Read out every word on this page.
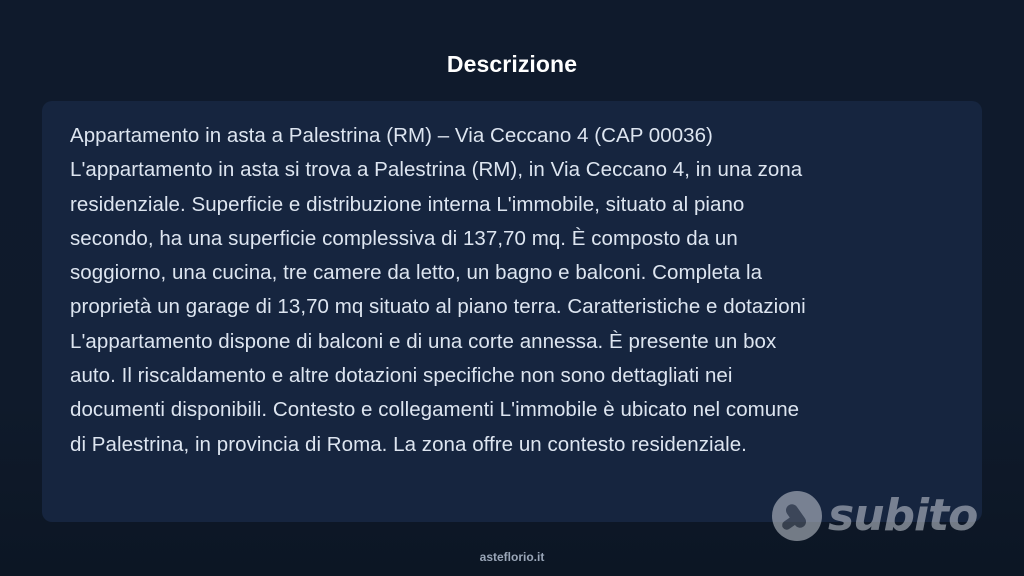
Descrizione

Appartamento in asta a Palestrina (RM) – Via Ceccano 4 (CAP 00036)
L'appartamento in asta si trova a Palestrina (RM), in Via Ceccano 4, in una zona
residenziale. Superficie e distribuzione interna L'immobile, situato al piano
secondo, ha una superficie complessiva di 137,70 mq. È composto da un
soggiorno, una cucina, tre camere da letto, un bagno e balconi. Completa la
proprietà un garage di 13,70 mq situato al piano terra. Caratteristiche e dotazioni
L'appartamento dispone di balconi e di una corte annessa. È presente un box
auto. Il riscaldamento e altre dotazioni specifiche non sono dettagliati nei
documenti disponibili. Contesto e collegamenti L'immobile è ubicato nel comune
di Palestrina, in provincia di Roma. La zona offre un contesto residenziale.

subito
asteflorio.it
